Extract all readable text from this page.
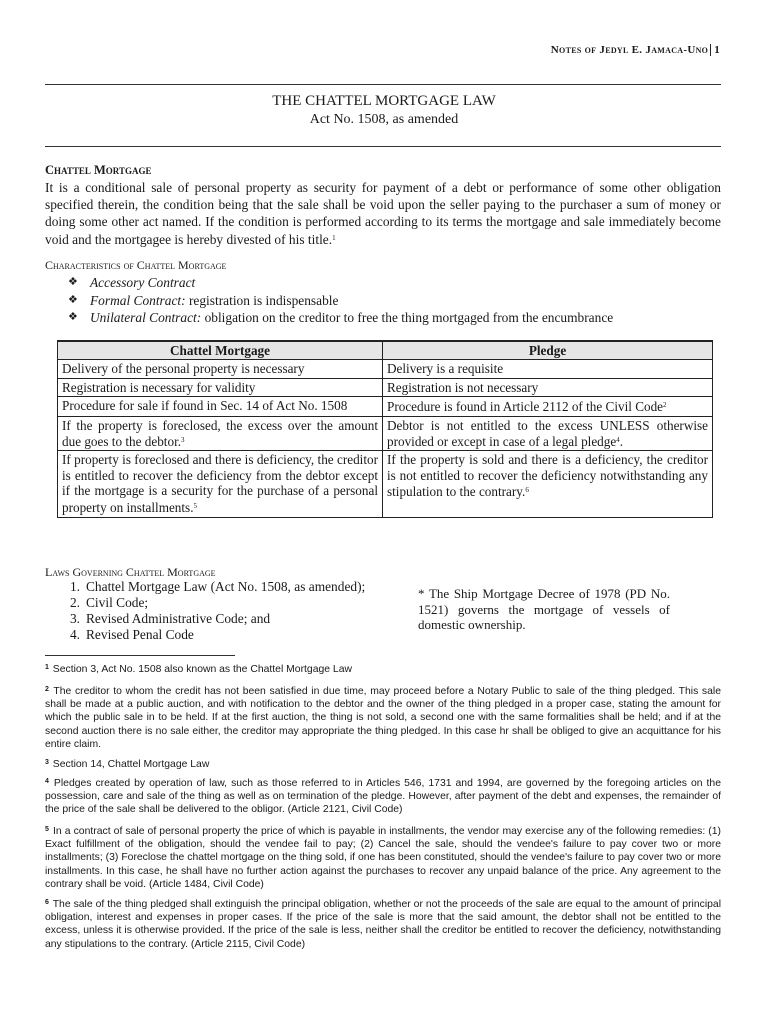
Notes of Jedyl E. Jamaca-Uno 1
THE CHATTEL MORTGAGE LAW
Act No. 1508, as amended
Chattel Mortgage
It is a conditional sale of personal property as security for payment of a debt or performance of some other obligation specified therein, the condition being that the sale shall be void upon the seller paying to the purchaser a sum of money or doing some other act named. If the condition is performed according to its terms the mortgage and sale immediately become void and the mortgagee is hereby divested of his title.$^1$
Characteristics of Chattel Mortgage
❖ Accessory Contract
❖ Formal Contract: registration is indispensable
❖ Unilateral Contract: obligation on the creditor to free the thing mortgaged from the encumbrance
Chattel Mortgage	Pledge
Delivery of the personal property is necessary	Delivery is a requisite
Registration is necessary for validity	Registration is not necessary
Procedure for sale if found in Sec. 14 of Act No. 1508	Procedure is found in Article 2112 of the Civil Code$^2$
If the property is foreclosed, the excess over the amount due goes to the debtor.$^3$	Debtor is not entitled to the excess UNLESS otherwise provided or except in case of a legal pledge$^4$.
If property is foreclosed and there is deficiency, the creditor is entitled to recover the deficiency from the debtor except if the mortgage is a security for the purchase of a personal property on installments.$^5$	If the property is sold and there is a deficiency, the creditor is not entitled to recover the deficiency notwithstanding any stipulation to the contrary.$^6$
Laws Governing Chattel Mortgage
1. Chattel Mortgage Law (Act No. 1508, as amended);
2. Civil Code;
3. Revised Administrative Code; and
4. Revised Penal Code
* The Ship Mortgage Decree of 1978 (PD No. 1521) governs the mortgage of vessels of domestic ownership.
$^1$ Section 3, Act No. 1508 also known as the Chattel Mortgage Law
$^2$ The creditor to whom the credit has not been satisfied in due time, may proceed before a Notary Public to sale of the thing pledged. This sale shall be made at a public auction, and with notification to the debtor and the owner of the thing pledged in a proper case, stating the amount for which the public sale in to be held. If at the first auction, the thing is not sold, a second one with the same formalities shall be held; and if at the second auction there is no sale either, the creditor may appropriate the thing pledged. In this case hr shall be obliged to give an acquittance for his entire claim.
$^3$ Section 14, Chattel Mortgage Law
$^4$ Pledges created by operation of law, such as those referred to in Articles 546, 1731 and 1994, are governed by the foregoing articles on the possession, care and sale of the thing as well as on termination of the pledge. However, after payment of the debt and expenses, the remainder of the price of the sale shall be delivered to the obligor. (Article 2121, Civil Code)
$^5$ In a contract of sale of personal property the price of which is payable in installments, the vendor may exercise any of the following remedies: (1) Exact fulfillment of the obligation, should the vendee fail to pay; (2) Cancel the sale, should the vendee's failure to pay cover two or more installments; (3) Foreclose the chattel mortgage on the thing sold, if one has been constituted, should the vendee's failure to pay cover two or more installments. In this case, he shall have no further action against the purchases to recover any unpaid balance of the price. Any agreement to the contrary shall be void. (Article 1484, Civil Code)
$^6$ The sale of the thing pledged shall extinguish the principal obligation, whether or not the proceeds of the sale are equal to the amount of principal obligation, interest and expenses in proper cases. If the price of the sale is more that the said amount, the debtor shall not be entitled to the excess, unless it is otherwise provided. If the price of the sale is less, neither shall the creditor be entitled to recover the deficiency, notwithstanding any stipulations to the contrary. (Article 2115, Civil Code)
